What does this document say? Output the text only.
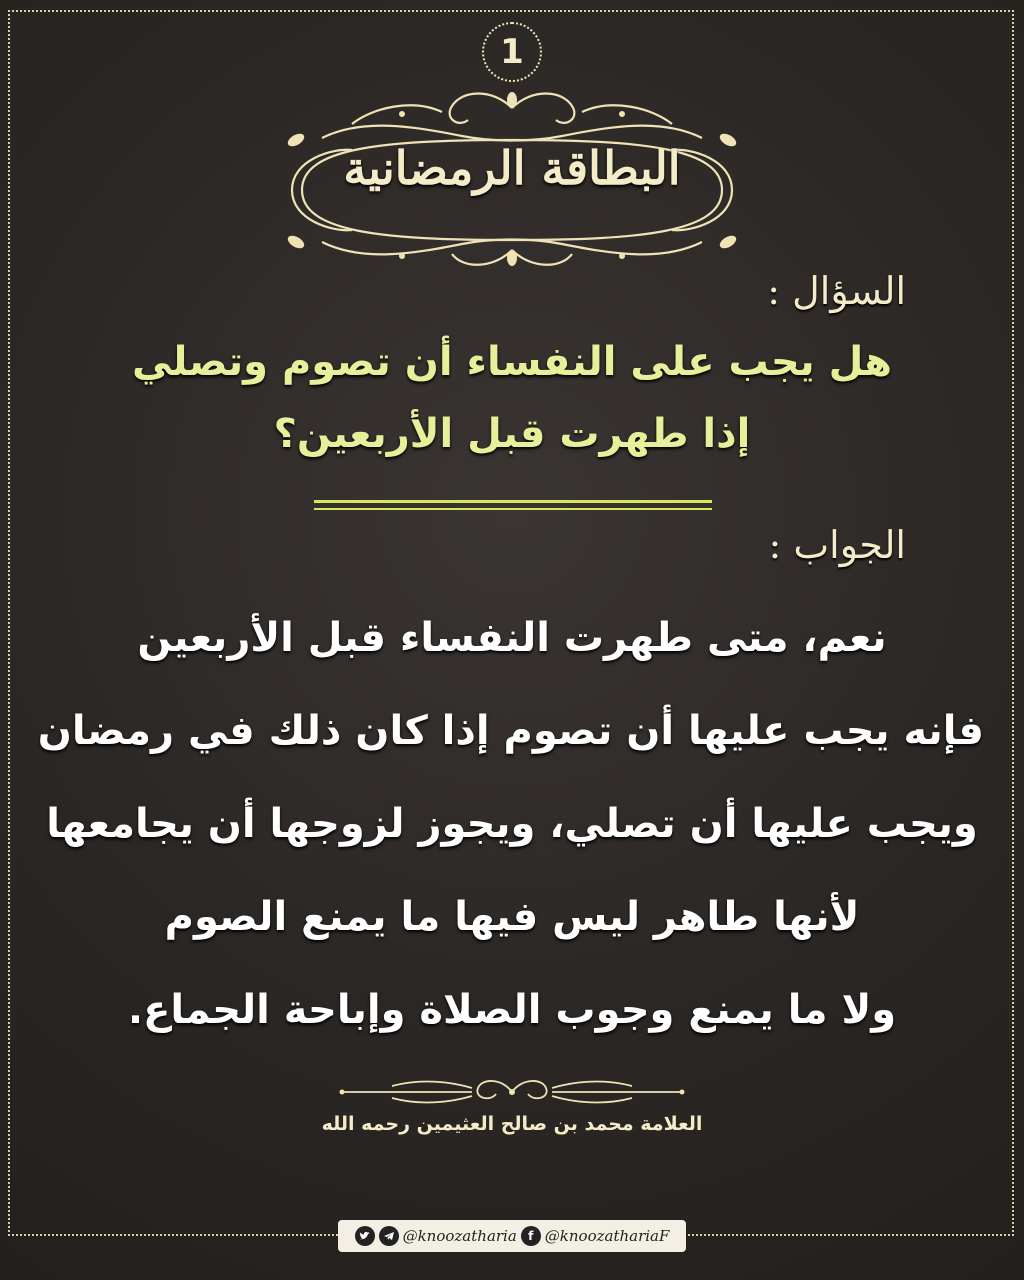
1
البطاقة الرمضانية
السؤال :
هل يجب على النفساء أن تصوم وتصلي
إذا طهرت قبل الأربعين؟
الجواب :
نعم، متى طهرت النفساء قبل الأربعين
فإنه يجب عليها أن تصوم إذا كان ذلك في رمضان
ويجب عليها أن تصلي، ويجوز لزوجها أن يجامعها
لأنها طاهر ليس فيها ما يمنع الصوم
ولا ما يمنع وجوب الصلاة وإباحة الجماع.
العلامة محمد بن صالح العثيمين رحمه الله
@knoozatharia f @knoozathariaF
